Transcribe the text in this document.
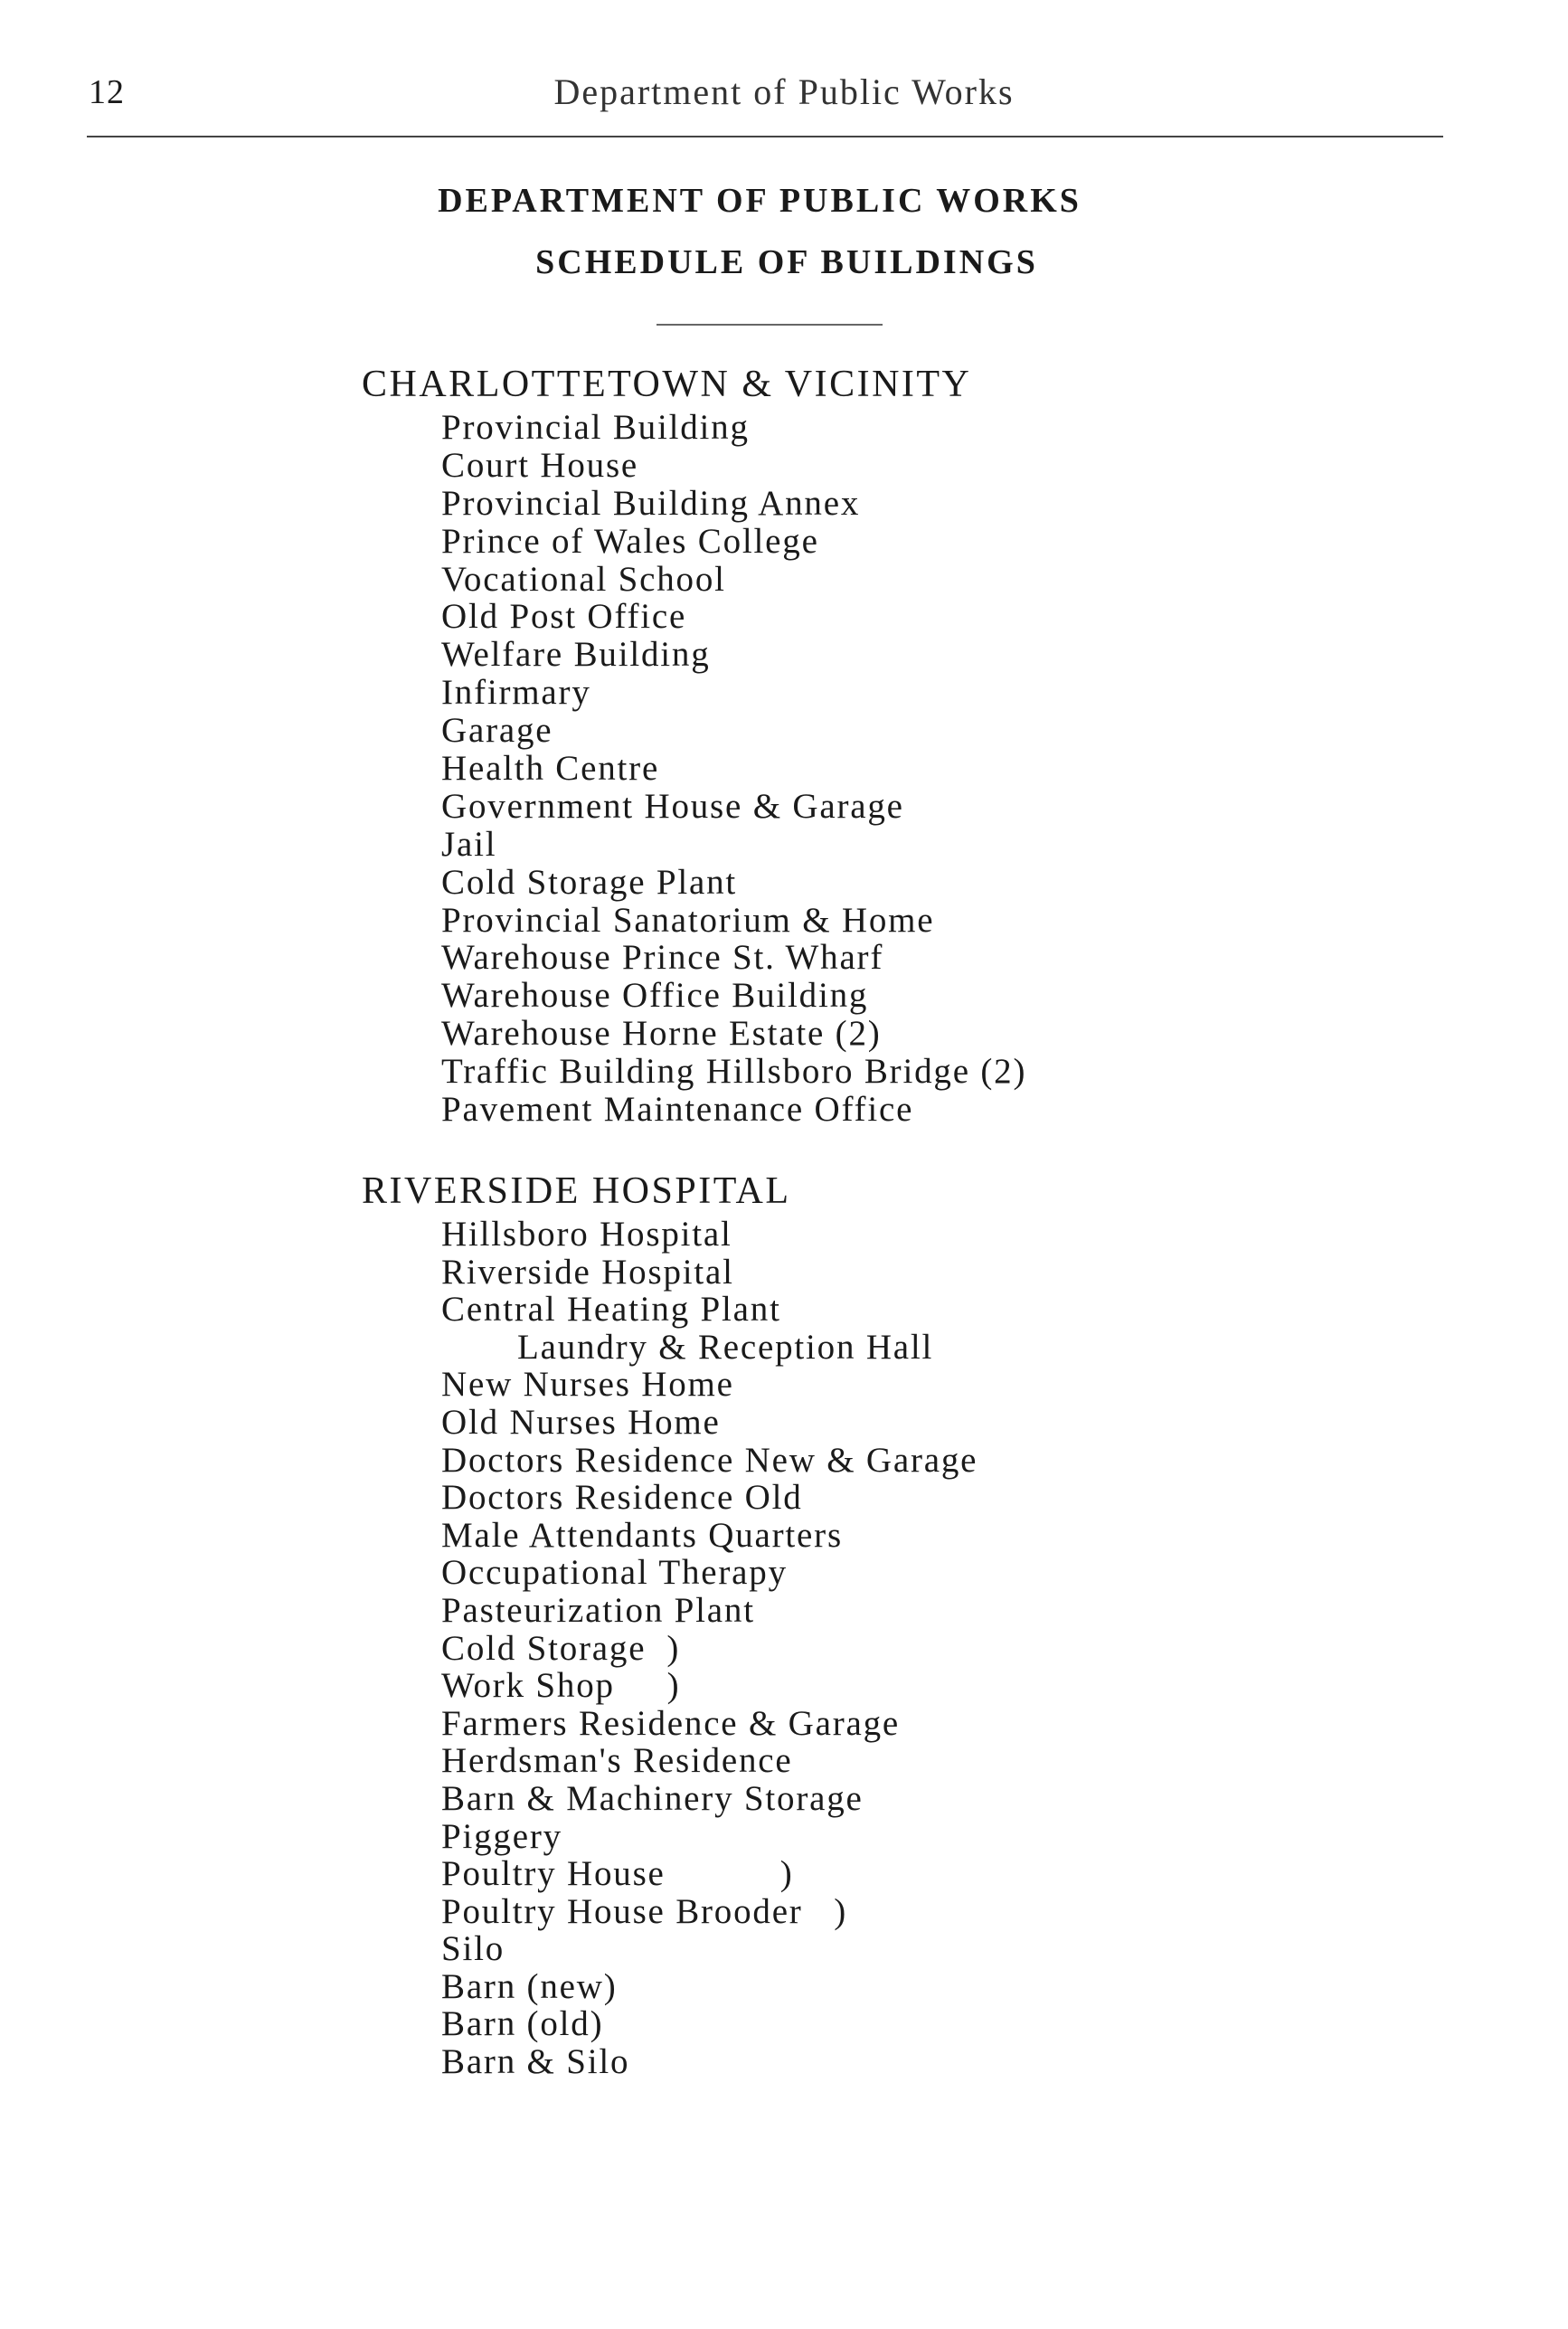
12	Department of Public Works
DEPARTMENT OF PUBLIC WORKS
SCHEDULE OF BUILDINGS
CHARLOTTETOWN & VICINITY
Provincial Building
Court House
Provincial Building Annex
Prince of Wales College
Vocational School
Old Post Office
Welfare Building
Infirmary
Garage
Health Centre
Government House & Garage
Jail
Cold Storage Plant
Provincial Sanatorium & Home
Warehouse Prince St. Wharf
Warehouse Office Building
Warehouse Horne Estate (2)
Traffic Building Hillsboro Bridge (2)
Pavement Maintenance Office
RIVERSIDE HOSPITAL
Hillsboro Hospital
Riverside Hospital
Central Heating Plant
Laundry & Reception Hall
New Nurses Home
Old Nurses Home
Doctors Residence New & Garage
Doctors Residence Old
Male Attendants Quarters
Occupational Therapy
Pasteurization Plant
Cold Storage  )
Work Shop     )
Farmers Residence & Garage
Herdsman's Residence
Barn & Machinery Storage
Piggery
Poultry House           )
Poultry House Brooder   )
Silo
Barn (new)
Barn (old)
Barn & Silo
